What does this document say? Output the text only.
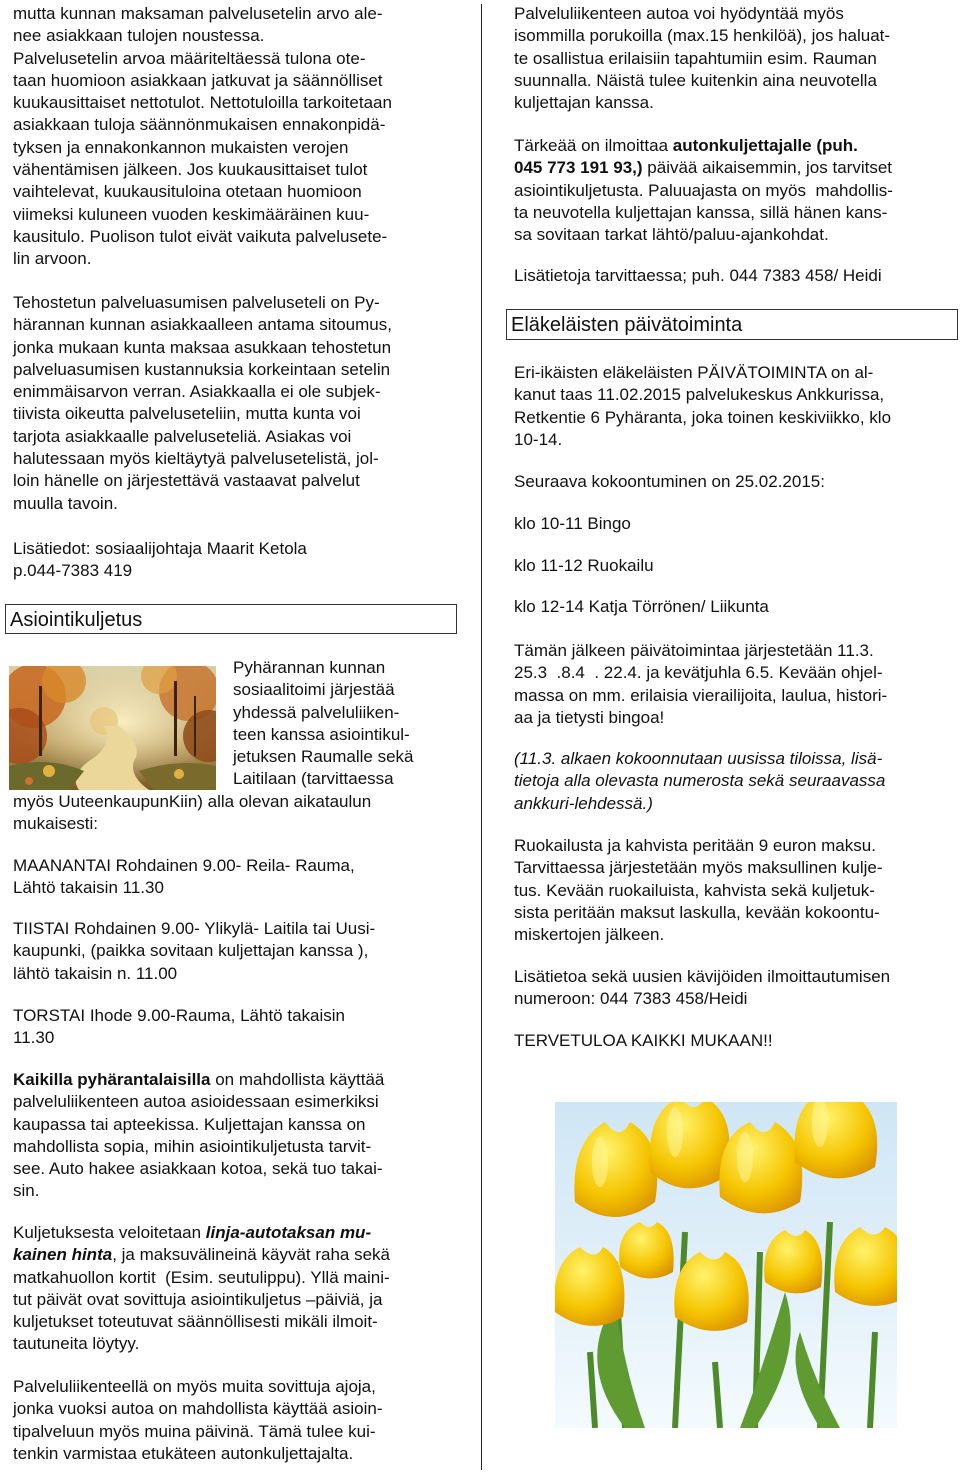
mutta kunnan maksaman palvelusetelin arvo ale-
nee asiakkaan tulojen noustessa.
Palvelusetelin arvoa määriteltäessä tulona ote-
taan huomioon asiakkaan jatkuvat ja säännölliset
kuukausittaiset nettotulot. Nettotuloilla tarkoitetaan
asiakkaan tuloja säännönmukaisen ennakonpidä-
tyksen ja ennakonkannon mukaisten verojen
vähentämisen jälkeen. Jos kuukausittaiset tulot
vaihtelevat, kuukausituloina otetaan huomioon
viimeksi kuluneen vuoden keskimääräinen kuu-
kausitulo. Puolison tulot eivät vaikuta palvelusete-
lin arvoon.
Tehostetun palveluasumisen palveluseteli on Py-
härannan kunnan asiakkaalleen antama sitoumus,
jonka mukaan kunta maksaa asukkaan tehostetun
palveluasumisen kustannuksia korkeintaan setelin
enimmäisarvon verran. Asiakkaalla ei ole subjek-
tiivista oikeutta palveluseteliin, mutta kunta voi
tarjota asiakkaalle palveluseteliä. Asiakas voi
halutessaan myös kieltäytyä palvelusetelistä, jol-
loin hänelle on järjestettävä vastaavat palvelut
muulla tavoin.
Lisätiedot: sosiaalijohtaja Maarit Ketola
p.044-7383 419
Asiointikuljetus
Pyhärannan kunnan
sosiaalitoimi järjestää
yhdessä palveluliiken-
teen kanssa asiointikul-
jetuksen Raumalle sekä
Laitilaan (tarvittaessa
myös UuteenkaupunKiin) alla olevan aikataulun
mukaisesti:
MAANANTAI Rohdainen 9.00- Reila- Rauma,
Lähtö takaisin 11.30
TIISTAI Rohdainen 9.00- Ylikylä- Laitila tai Uusi-
kaupunki, (paikka sovitaan kuljettajan kanssa ),
lähtö takaisin n. 11.00
TORSTAI Ihode 9.00-Rauma, Lähtö takaisin
11.30
Kaikilla pyhärantalaisilla on mahdollista käyttää
palveluliikenteen autoa asioidessaan esimerkiksi
kaupassa tai apteekissa. Kuljettajan kanssa on
mahdollista sopia, mihin asiointikuljetusta tarvit-
see. Auto hakee asiakkaan kotoa, sekä tuo takai-
sin.
Kuljetuksesta veloitetaan linja-autotaksan mu-
kainen hinta, ja maksuvälineinä käyvät raha sekä
matkahuollon kortit  (Esim. seutulippu). Yllä maini-
tut päivät ovat sovittuja asiointikuljetus –päiviä, ja
kuljetukset toteutuvat säännöllisesti mikäli ilmoit-
tautuneita löytyy.
Palveluliikenteellä on myös muita sovittuja ajoja,
jonka vuoksi autoa on mahdollista käyttää asioin-
tipalveluun myös muina päivinä. Tämä tulee kui-
tenkin varmistaa etukäteen autonkuljettajalta.
Palveluliikenteen autoa voi hyödyntää myös
isommilla porukoilla (max.15 henkilöä), jos haluat-
te osallistua erilaisiin tapahtumiin esim. Rauman
suunnalla. Näistä tulee kuitenkin aina neuvotella
kuljettajan kanssa.
Tärkeää on ilmoittaa autonkuljettajalle (puh.
045 773 191 93,) päivää aikaisemmin, jos tarvitset
asiointikuljetusta. Paluuajasta on myös  mahdollis-
ta neuvotella kuljettajan kanssa, sillä hänen kans-
sa sovitaan tarkat lähtö/paluu-ajankohdat.
Lisätietoja tarvittaessa; puh. 044 7383 458/ Heidi
Eläkeläisten päivätoiminta
Eri-ikäisten eläkeläisten PÄIVÄTOIMINTA on al-
kanut taas 11.02.2015 palvelukeskus Ankkurissa,
Retkentie 6 Pyhäranta, joka toinen keskiviikko, klo
10-14.
Seuraava kokoontuminen on 25.02.2015:
klo 10-11 Bingo
klo 11-12 Ruokailu
klo 12-14 Katja Törrönen/ Liikunta
Tämän jälkeen päivätoimintaa järjestetään 11.3.
25.3  .8.4  . 22.4. ja kevätjuhla 6.5. Kevään ohjel-
massa on mm. erilaisia vierailijoita, laulua, histori-
aa ja tietysti bingoa!
(11.3. alkaen kokoonnutaan uusissa tiloissa, lisä-
tietoja alla olevasta numerosta sekä seuraavassa
ankkuri-lehdessä.)
Ruokailusta ja kahvista peritään 9 euron maksu.
Tarvittaessa järjestetään myös maksullinen kulje-
tus. Kevään ruokailuista, kahvista sekä kuljetuk-
sista peritään maksut laskulla, kevään kokoontu-
miskertojen jälkeen.
Lisätietoa sekä uusien kävijöiden ilmoittautumisen
numeroon: 044 7383 458/Heidi
TERVETULOA KAIKKI MUKAAN!!
